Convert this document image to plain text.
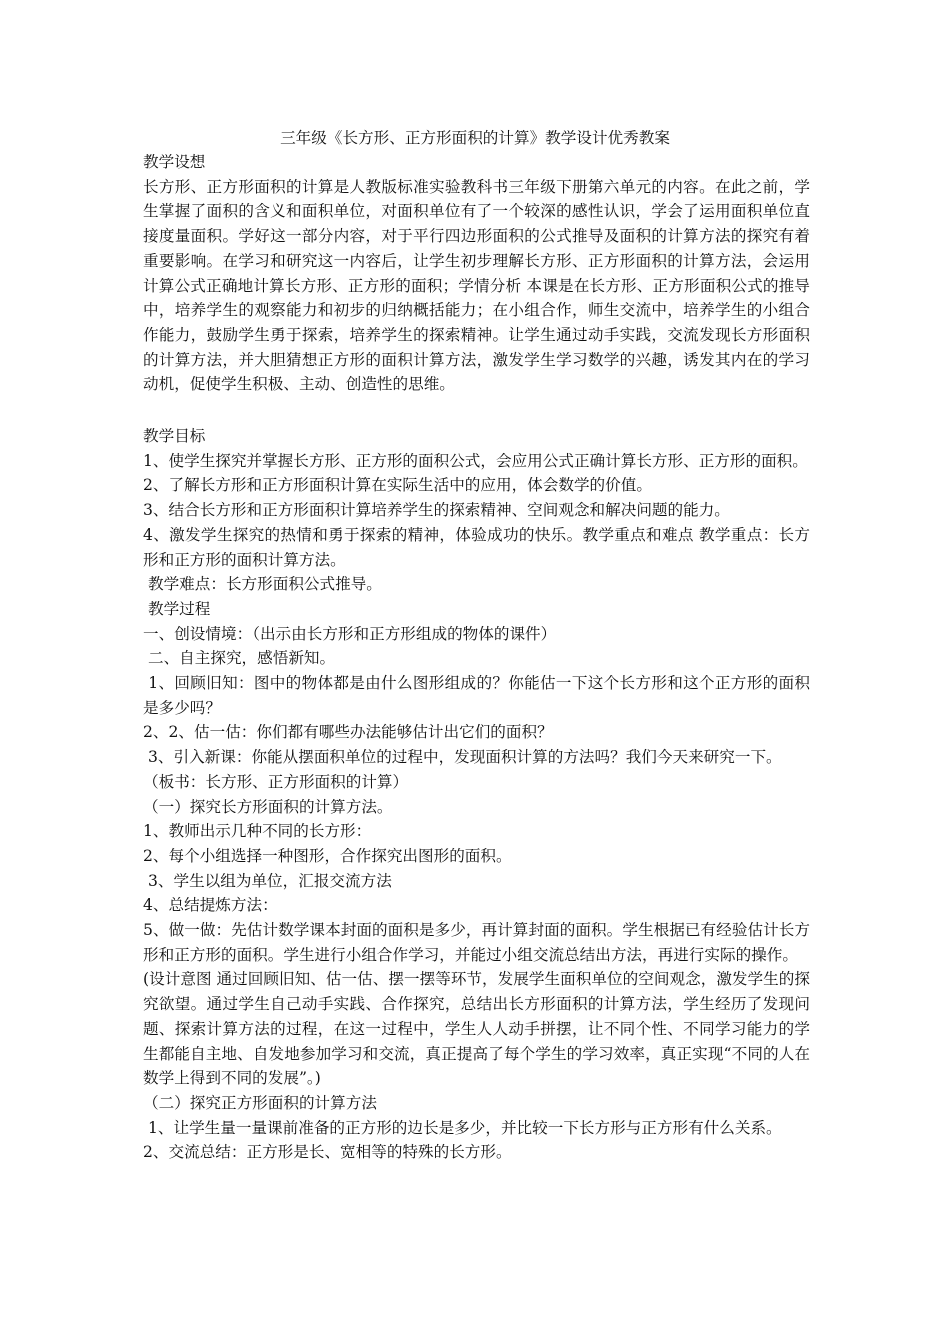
三年级《长方形、正方形面积的计算》教学设计优秀教案

教学设想

长方形、正方形面积的计算是人教版标准实验教科书三年级下册第六单元的内容。在此之前，学生掌握了面积的含义和面积单位，对面积单位有了一个较深的感性认识，学会了运用面积单位直接度量面积。学好这一部分内容，对于平行四边形面积的公式推导及面积的计算方法的探究有着重要影响。在学习和研究这一内容后，让学生初步理解长方形、正方形面积的计算方法，会运用计算公式正确地计算长方形、正方形的面积；学情分析 本课是在长方形、正方形面积公式的推导中，培养学生的观察能力和初步的归纳概括能力；在小组合作，师生交流中，培养学生的小组合作能力，鼓励学生勇于探索，培养学生的探索精神。让学生通过动手实践，交流发现长方形面积的计算方法，并大胆猜想正方形的面积计算方法，激发学生学习数学的兴趣，诱发其内在的学习动机，促使学生积极、主动、创造性的思维。

教学目标

1、使学生探究并掌握长方形、正方形的面积公式，会应用公式正确计算长方形、正方形的面积。

2、了解长方形和正方形面积计算在实际生活中的应用，体会数学的价值。

3、结合长方形和正方形面积计算培养学生的探索精神、空间观念和解决问题的能力。

4、激发学生探究的热情和勇于探索的精神，体验成功的快乐。教学重点和难点 教学重点：长方形和正方形的面积计算方法。

教学难点：长方形面积公式推导。

教学过程

一、创设情境：（出示由长方形和正方形组成的物体的课件）

二、自主探究，感悟新知。

1、回顾旧知：图中的物体都是由什么图形组成的？你能估一下这个长方形和这个正方形的面积是多少吗？

2、2、估一估：你们都有哪些办法能够估计出它们的面积？

3、引入新课：你能从摆面积单位的过程中，发现面积计算的方法吗？我们今天来研究一下。

（板书：长方形、正方形面积的计算）

（一）探究长方形面积的计算方法。

1、教师出示几种不同的长方形：

2、每个小组选择一种图形，合作探究出图形的面积。

3、学生以组为单位，汇报交流方法

4、总结提炼方法：

5、做一做：先估计数学课本封面的面积是多少，再计算封面的面积。学生根据已有经验估计长方形和正方形的面积。学生进行小组合作学习，并能过小组交流总结出方法，再进行实际的操作。

(设计意图 通过回顾旧知、估一估、摆一摆等环节，发展学生面积单位的空间观念，激发学生的探究欲望。通过学生自己动手实践、合作探究，总结出长方形面积的计算方法，学生经历了发现问题、探索计算方法的过程，在这一过程中，学生人人动手拼摆，让不同个性、不同学习能力的学生都能自主地、自发地参加学习和交流，真正提高了每个学生的学习效率，真正实现“不同的人在数学上得到不同的发展”。)

（二）探究正方形面积的计算方法

1、让学生量一量课前准备的正方形的边长是多少，并比较一下长方形与正方形有什么关系。

2、交流总结：正方形是长、宽相等的特殊的长方形。
